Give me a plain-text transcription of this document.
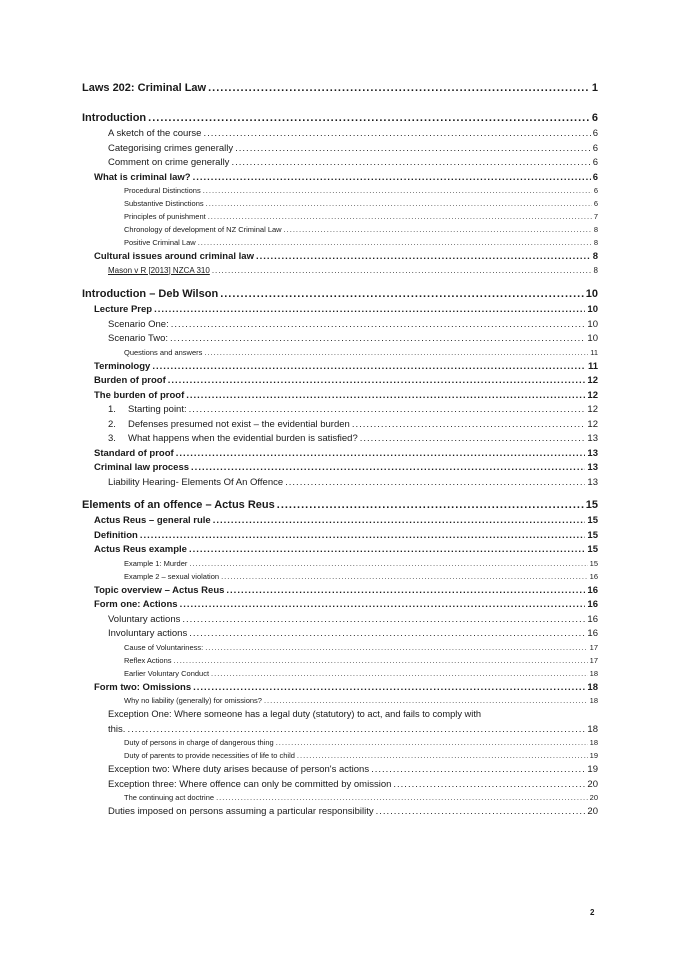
Laws 202: Criminal Law .....	1
Introduction .....	6
A sketch of the course .....	6
Categorising crimes generally .....	6
Comment on crime generally .....	6
What is criminal law? .....	6
Procedural Distinctions .....	6
Substantive Distinctions .....	6
Principles of punishment .....	7
Chronology of development of NZ Criminal Law .....	8
Positive Criminal Law .....	8
Cultural issues around criminal law .....	8
Mason v R [2013] NZCA 310 .....	8
Introduction – Deb Wilson .....	10
Lecture Prep .....	10
Scenario One: .....	10
Scenario Two: .....	10
Questions and answers .....	11
Terminology .....	11
Burden of proof .....	12
The burden of proof .....	12
1. Starting point: .....	12
2. Defenses presumed not exist – the evidential burden .....	12
3. What happens when the evidential burden is satisfied? .....	13
Standard of proof .....	13
Criminal law process .....	13
Liability Hearing- Elements Of An Offence .....	13
Elements of an offence – Actus Reus .....	15
Actus Reus – general rule .....	15
Definition .....	15
Actus Reus example .....	15
Example 1: Murder .....	15
Example 2 – sexual violation .....	16
Topic overview – Actus Reus .....	16
Form one: Actions .....	16
Voluntary actions .....	16
Involuntary actions .....	16
Cause of Voluntariness: .....	17
Reflex Actions .....	17
Earlier Voluntary Conduct .....	18
Form two: Omissions .....	18
Why no liability (generally) for omissions? .....	18
Exception One: Where someone has a legal duty (statutory) to act, and fails to comply with
this. .....	18
Duty of persons in charge of dangerous thing .....	18
Duty of parents to provide necessities of life to child .....	19
Exception two: Where duty arises because of person's actions .....	19
Exception three: Where offence can only be committed by omission .....	20
The continuing act doctrine .....	20
Duties imposed on persons assuming a particular responsibility .....	20
2
